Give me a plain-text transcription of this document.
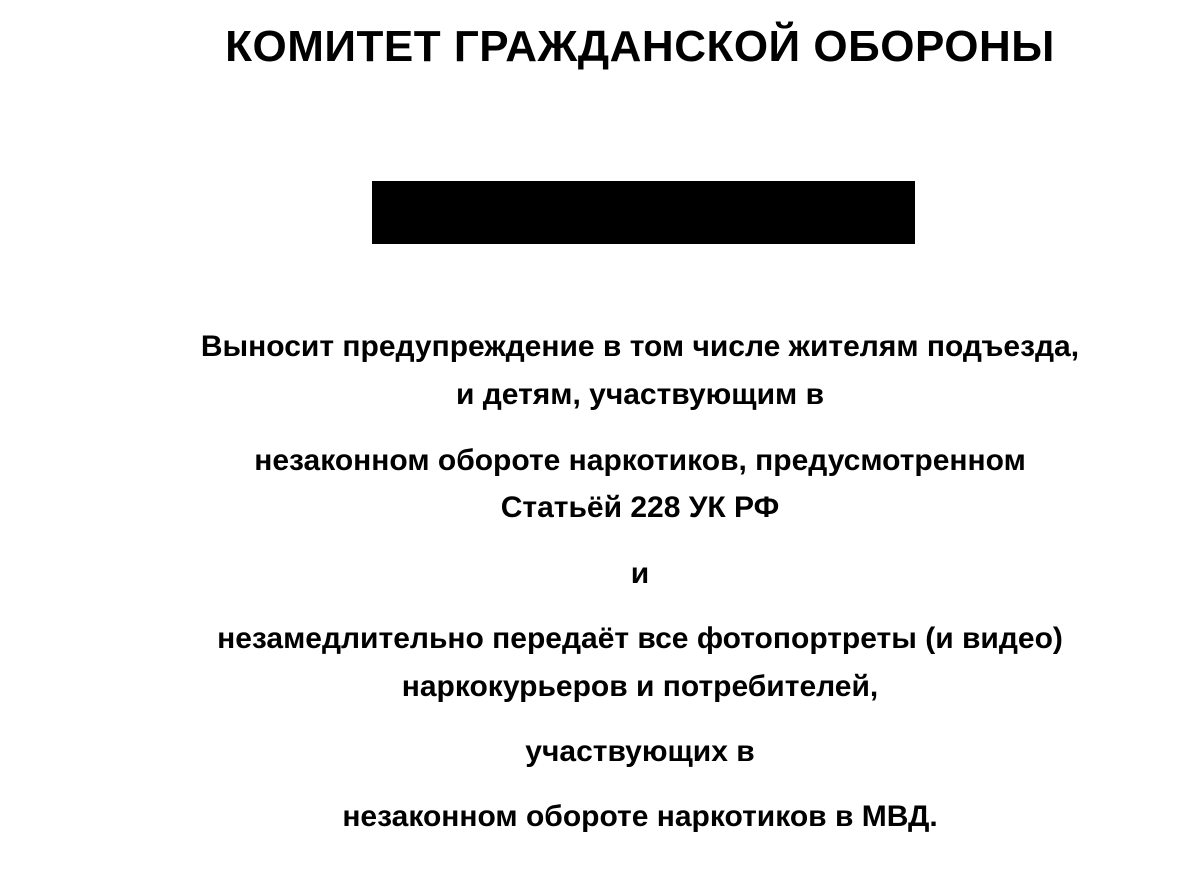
КОМИТЕТ ГРАЖДАНСКОЙ ОБОРОНЫ

Выносит предупреждение в том числе жителям подъезда,

и детям, участвующим в

незаконном обороте наркотиков, предусмотренном

Статьёй 228 УК РФ

и

незамедлительно передаёт все фотопортреты (и видео)

наркокурьеров и потребителей,

участвующих в

незаконном обороте наркотиков в МВД.
